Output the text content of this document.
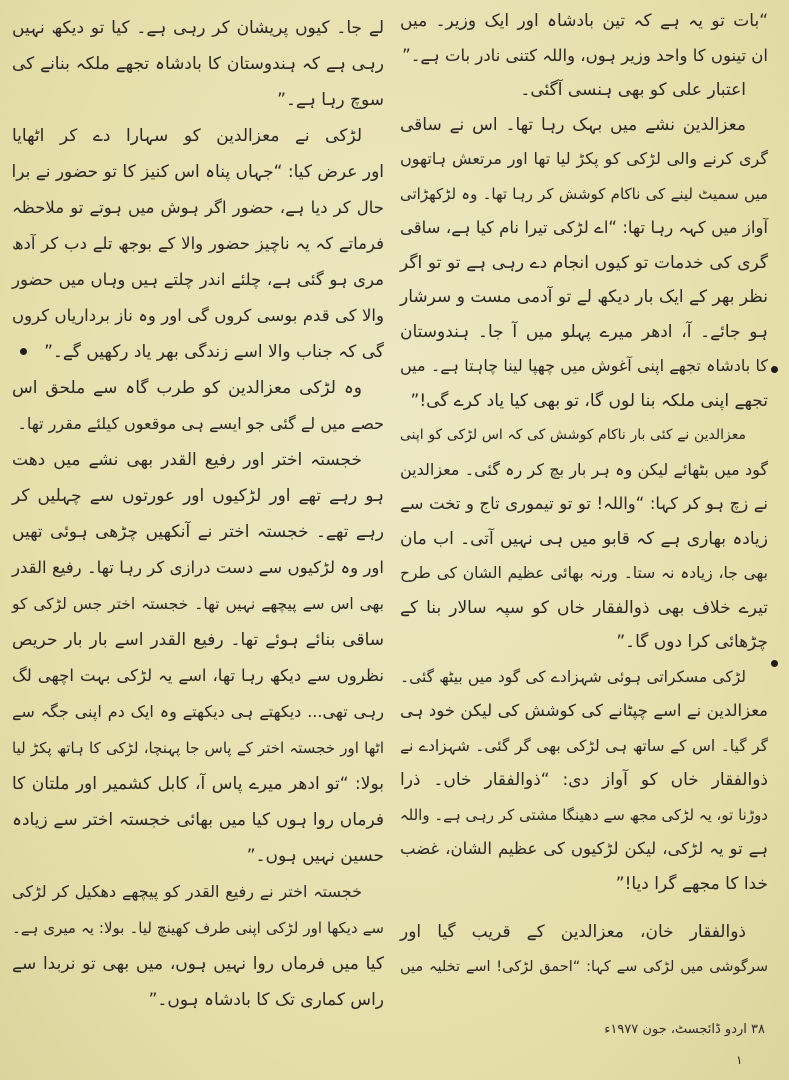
“بات تو یہ ہے کہ تین بادشاہ اور ایک وزیر۔ میں
ان تینوں کا واحد وزیر ہوں، واللہ کتنی نادر بات ہے۔”
اعتبار علی کو بھی ہنسی آگئی۔
معزالدین نشے میں بہک رہا تھا۔ اس نے ساقی
گری کرنے والی لڑکی کو پکڑ لیا تھا اور مرتعش ہاتھوں
میں سمیٹ لینے کی ناکام کوشش کر رہا تھا۔ وہ لڑکھڑاتی
آواز میں کہہ رہا تھا: “اے لڑکی تیرا نام کیا ہے، ساقی
گری کی خدمات تو کیوں انجام دے رہی ہے تو تو اگر
نظر بھر کے ایک بار دیکھ لے تو آدمی مست و سرشار
ہو جائے۔ آ، ادھر میرے پہلو میں آ جا۔ ہندوستان
کا بادشاہ تجھے اپنی آغوش میں چھپا لینا چاہتا ہے۔ میں
تجھے اپنی ملکہ بنا لوں گا، تو بھی کیا یاد کرے گی!”
معزالدین نے کئی بار ناکام کوشش کی کہ اس لڑکی کو اپنی
گود میں بٹھائے لیکن وہ ہر بار بچ کر رہ گئی۔ معزالدین
نے زچ ہو کر کہا: “واللہ! تو تو تیموری تاج و تخت سے
زیادہ بھاری ہے کہ قابو میں ہی نہیں آتی۔ اب مان
بھی جا، زیادہ نہ ستا۔ ورنہ بھائی عظیم الشان کی طرح
تیرے خلاف بھی ذوالفقار خاں کو سپہ سالار بنا کے
چڑھائی کرا دوں گا۔”
لڑکی مسکراتی ہوئی شہزادے کی گود میں بیٹھ گئی۔
معزالدین نے اسے چپٹانے کی کوشش کی لیکن خود ہی
گر گیا۔ اس کے ساتھ ہی لڑکی بھی گر گئی۔ شہزادے نے
ذوالفقار خاں کو آواز دی: “ذوالفقار خاں۔ ذرا
دوڑنا تو، یہ لڑکی مجھ سے دھینگا مشتی کر رہی ہے۔ واللہ
ہے تو یہ لڑکی، لیکن لڑکیوں کی عظیم الشان، غضب
خدا کا مجھے گرا دیا!”
ذوالفقار خان، معزالدین کے قریب گیا اور
سرگوشی میں لڑکی سے کہا: “احمق لڑکی! اسے تخلیہ میں
لے جا۔ کیوں پریشان کر رہی ہے۔ کیا تو دیکھ نہیں
رہی ہے کہ ہندوستان کا بادشاہ تجھے ملکہ بنانے کی
سوچ رہا ہے۔”
لڑکی نے معزالدین کو سہارا دے کر اٹھایا
اور عرض کیا: “جہاں پناہ اس کنیز کا تو حضور نے برا
حال کر دیا ہے، حضور اگر ہوش میں ہوتے تو ملاحظہ
فرماتے کہ یہ ناچیز حضور والا کے بوجھ تلے دب کر آدھ
مری ہو گئی ہے، چلئے اندر چلتے ہیں وہاں میں حضور
والا کی قدم بوسی کروں گی اور وہ ناز برداریاں کروں
گی کہ جناب والا اسے زندگی بھر یاد رکھیں گے۔”
وہ لڑکی معزالدین کو طرب گاہ سے ملحق اس
حصے میں لے گئی جو ایسے ہی موقعوں کیلئے مقرر تھا۔
خجستہ اختر اور رفیع القدر بھی نشے میں دھت
ہو رہے تھے اور لڑکیوں اور عورتوں سے چہلیں کر
رہے تھے۔ خجستہ اختر نے آنکھیں چڑھی ہوئی تھیں
اور وہ لڑکیوں سے دست درازی کر رہا تھا۔ رفیع القدر
بھی اس سے پیچھے نہیں تھا۔ خجستہ اختر جس لڑکی کو
ساقی بنائے ہوئے تھا۔ رفیع القدر اسے بار بار حریص
نظروں سے دیکھ رہا تھا، اسے یہ لڑکی بہت اچھی لگ
رہی تھی... دیکھتے ہی دیکھتے وہ ایک دم اپنی جگہ سے
اٹھا اور خجستہ اختر کے پاس جا پہنچا، لڑکی کا ہاتھ پکڑ لیا
بولا: “تو ادھر میرے پاس آ، کابل کشمیر اور ملتان کا
فرماں روا ہوں کیا میں بھائی خجستہ اختر سے زیادہ
حسین نہیں ہوں۔”
خجستہ اختر نے رفیع القدر کو پیچھے دھکیل کر لڑکی
سے دیکھا اور لڑکی اپنی طرف کھینچ لیا۔ بولا: یہ میری ہے۔
کیا میں فرماں روا نہیں ہوں، میں بھی تو نربدا سے
راس کماری تک کا بادشاہ ہوں۔”
۳۸ اردو ڈائجسٹ، جون ۱۹۷۷ء
۱
